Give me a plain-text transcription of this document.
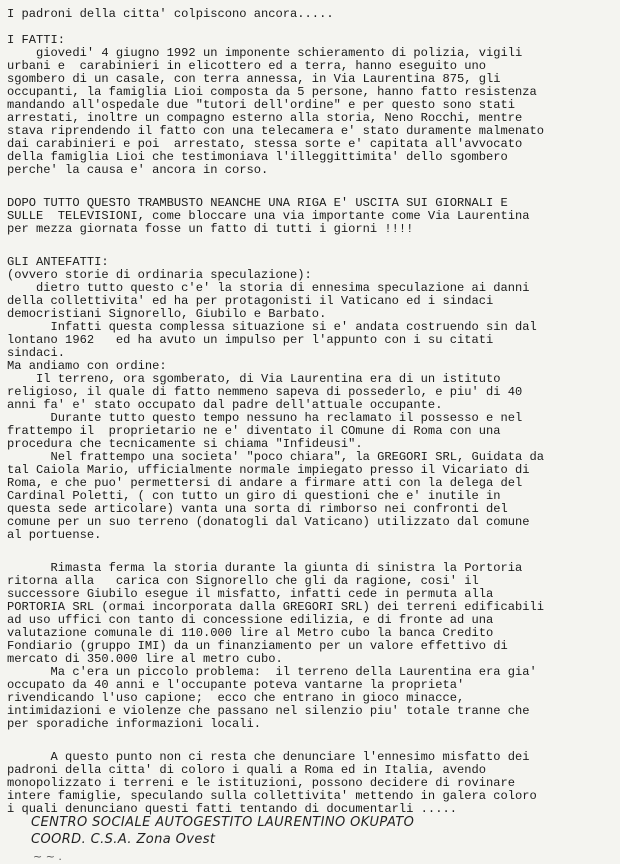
I padroni della citta' colpiscono ancora.....
I FATTI:
giovedi' 4 giugno 1992 un imponente schieramento di polizia, vigili
urbani e  carabinieri in elicottero ed a terra, hanno eseguito uno
sgombero di un casale, con terra annessa, in Via Laurentina 875, gli
occupanti, la famiglia Lioi composta da 5 persone, hanno fatto resistenza
mandando all'ospedale due "tutori dell'ordine" e per questo sono stati
arrestati, inoltre un compagno esterno alla storia, Neno Rocchi, mentre
stava riprendendo il fatto con una telecamera e' stato duramente malmenato
dai carabinieri e poi  arrestato, stessa sorte e' capitata all'avvocato
della famiglia Lioi che testimoniava l'illeggittimita' dello sgombero
perche' la causa e' ancora in corso.
DOPO TUTTO QUESTO TRAMBUSTO NEANCHE UNA RIGA E' USCITA SUI GIORNALI E
SULLE  TELEVISIONI, come bloccare una via importante come Via Laurentina
per mezza giornata fosse un fatto di tutti i giorni !!!!
GLI ANTEFATTI:
(ovvero storie di ordinaria speculazione):
dietro tutto questo c'e' la storia di ennesima speculazione ai danni
della collettivita' ed ha per protagonisti il Vaticano ed i sindaci
democristiani Signorello, Giubilo e Barbato.
Infatti questa complessa situazione si e' andata costruendo sin dal
lontano 1962   ed ha avuto un impulso per l'appunto con i su citati
sindaci.
Ma andiamo con ordine:
Il terreno, ora sgomberato, di Via Laurentina era di un istituto
religioso, il quale di fatto nemmeno sapeva di possederlo, e piu' di 40
anni fa' e' stato occupato dal padre dell'attuale occupante.
Durante tutto questo tempo nessuno ha reclamato il possesso e nel
frattempo il  proprietario ne e' diventato il COmune di Roma con una
procedura che tecnicamente si chiama "Infideusi".
Nel frattempo una societa' "poco chiara", la GREGORI SRL, Guidata da
tal Caiola Mario, ufficialmente normale impiegato presso il Vicariato di
Roma, e che puo' permettersi di andare a firmare atti con la delega del
Cardinal Poletti, ( con tutto un giro di questioni che e' inutile in
questa sede articolare) vanta una sorta di rimborso nei confronti del
comune per un suo terreno (donatogli dal Vaticano) utilizzato dal comune
al portuense.
Rimasta ferma la storia durante la giunta di sinistra la Portoria
ritorna alla   carica con Signorello che gli da ragione, cosi' il
successore Giubilo esegue il misfatto, infatti cede in permuta alla
PORTORIA SRL (ormai incorporata dalla GREGORI SRL) dei terreni edificabili
ad uso uffici con tanto di concessione edilizia, e di fronte ad una
valutazione comunale di 110.000 lire al Metro cubo la banca Credito
Fondiario (gruppo IMI) da un finanziamento per un valore effettivo di
mercato di 350.000 lire al metro cubo.
Ma c'era un piccolo problema:  il terreno della Laurentina era gia'
occupato da 40 anni e l'occupante poteva vantarne la proprieta'
rivendicando l'uso capione;  ecco che entrano in gioco minacce,
intimidazioni e violenze che passano nel silenzio piu' totale tranne che
per sporadiche informazioni locali.
A questo punto non ci resta che denunciare l'ennesimo misfatto dei
padroni della citta' di coloro i quali a Roma ed in Italia, avendo
monopolizzato i terreni e le istituzioni, possono decidere di rovinare
intere famiglie, speculando sulla collettivita' mettendo in galera coloro
i quali denunciano questi fatti tentando di documentarli .....
CENTRO SOCIALE AUTOGESTITO LAURENTINO OKUPATO
COORD. C.S.A. Zona Ovest
~ ~ .
